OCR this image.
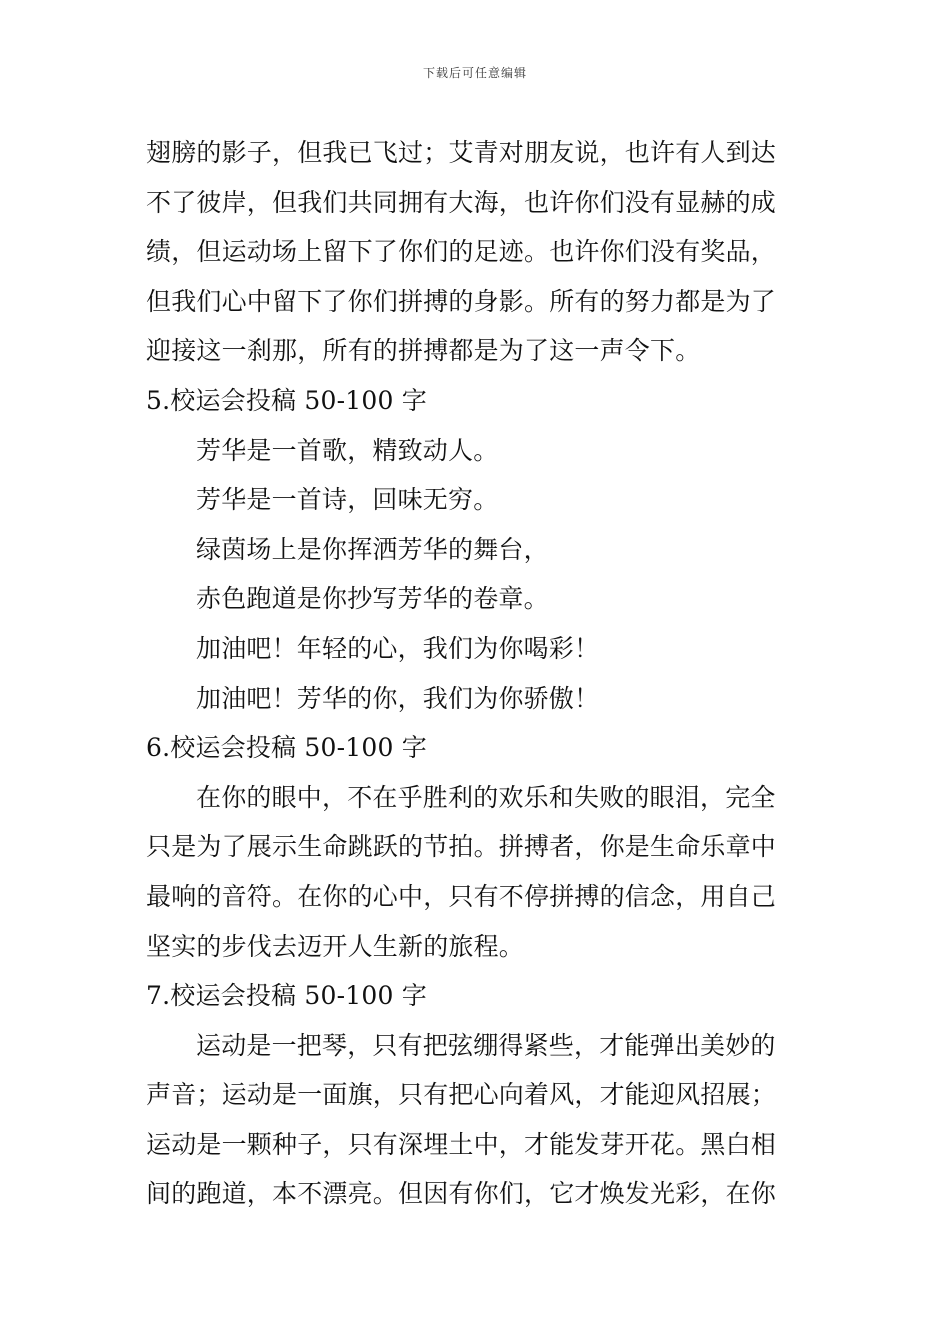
下载后可任意编辑
翅膀的影子，但我已飞过；艾青对朋友说，也许有人到达
不了彼岸，但我们共同拥有大海，也许你们没有显赫的成
绩，但运动场上留下了你们的足迹。也许你们没有奖品，
但我们心中留下了你们拼搏的身影。所有的努力都是为了
迎接这一刹那，所有的拼搏都是为了这一声令下。
5.校运会投稿 50-100 字
芳华是一首歌，精致动人。
芳华是一首诗，回味无穷。
绿茵场上是你挥洒芳华的舞台，
赤色跑道是你抄写芳华的卷章。
加油吧！年轻的心，我们为你喝彩！
加油吧！芳华的你，我们为你骄傲！
6.校运会投稿 50-100 字
在你的眼中，不在乎胜利的欢乐和失败的眼泪，完全
只是为了展示生命跳跃的节拍。拼搏者，你是生命乐章中
最响的音符。在你的心中，只有不停拼搏的信念，用自己
坚实的步伐去迈开人生新的旅程。
7.校运会投稿 50-100 字
运动是一把琴，只有把弦绷得紧些，才能弹出美妙的
声音；运动是一面旗，只有把心向着风，才能迎风招展；
运动是一颗种子，只有深埋土中，才能发芽开花。黑白相
间的跑道，本不漂亮。但因有你们，它才焕发光彩，在你
